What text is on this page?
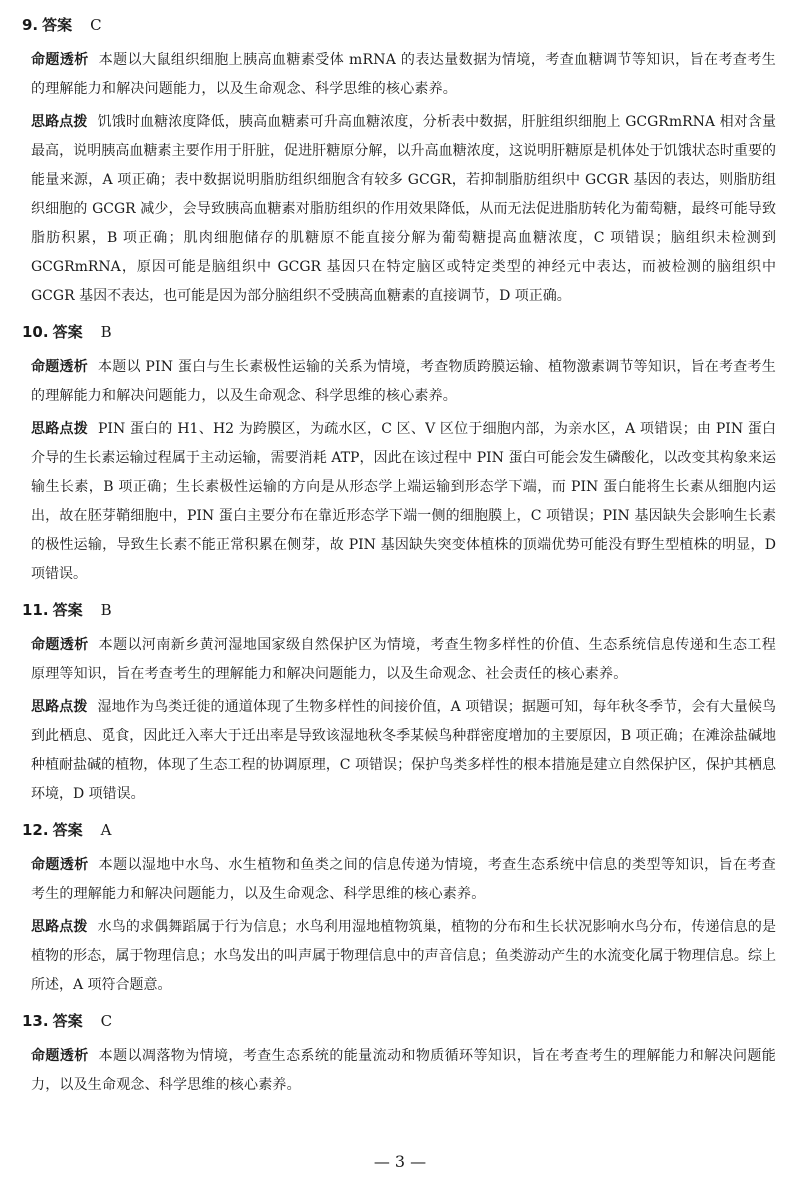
9. 答案 C

命题透析 本题以大鼠组织细胞上胰高血糖素受体 mRNA 的表达量数据为情境，考查血糖调节等知识，旨在考查考生的理解能力和解决问题能力，以及生命观念、科学思维的核心素养。

思路点拨 饥饿时血糖浓度降低，胰高血糖素可升高血糖浓度，分析表中数据，肝脏组织细胞上 GCGRmRNA 相对含量最高，说明胰高血糖素主要作用于肝脏，促进肝糖原分解，以升高血糖浓度，这说明肝糖原是机体处于饥饿状态时重要的能量来源，A 项正确；表中数据说明脂肪组织细胞含有较多 GCGR，若抑制脂肪组织中 GCGR 基因的表达，则脂肪组织细胞的 GCGR 减少，会导致胰高血糖素对脂肪组织的作用效果降低，从而无法促进脂肪转化为葡萄糖，最终可能导致脂肪积累，B 项正确；肌肉细胞储存的肌糖原不能直接分解为葡萄糖提高血糖浓度，C 项错误；脑组织未检测到 GCGRmRNA，原因可能是脑组织中 GCGR 基因只在特定脑区或特定类型的神经元中表达，而被检测的脑组织中 GCGR 基因不表达，也可能是因为部分脑组织不受胰高血糖素的直接调节，D 项正确。

10. 答案 B

命题透析 本题以 PIN 蛋白与生长素极性运输的关系为情境，考查物质跨膜运输、植物激素调节等知识，旨在考查考生的理解能力和解决问题能力，以及生命观念、科学思维的核心素养。

思路点拨 PIN 蛋白的 H1、H2 为跨膜区，为疏水区，C 区、V 区位于细胞内部，为亲水区，A 项错误；由 PIN 蛋白介导的生长素运输过程属于主动运输，需要消耗 ATP，因此在该过程中 PIN 蛋白可能会发生磷酸化，以改变其构象来运输生长素，B 项正确；生长素极性运输的方向是从形态学上端运输到形态学下端，而 PIN 蛋白能将生长素从细胞内运出，故在胚芽鞘细胞中，PIN 蛋白主要分布在靠近形态学下端一侧的细胞膜上，C 项错误；PIN 基因缺失会影响生长素的极性运输，导致生长素不能正常积累在侧芽，故 PIN 基因缺失突变体植株的顶端优势可能没有野生型植株的明显，D 项错误。

11. 答案 B

命题透析 本题以河南新乡黄河湿地国家级自然保护区为情境，考查生物多样性的价值、生态系统信息传递和生态工程原理等知识，旨在考查考生的理解能力和解决问题能力，以及生命观念、社会责任的核心素养。

思路点拨 湿地作为鸟类迁徙的通道体现了生物多样性的间接价值，A 项错误；据题可知，每年秋冬季节，会有大量候鸟到此栖息、觅食，因此迁入率大于迁出率是导致该湿地秋冬季某候鸟种群密度增加的主要原因，B 项正确；在滩涂盐碱地种植耐盐碱的植物，体现了生态工程的协调原理，C 项错误；保护鸟类多样性的根本措施是建立自然保护区，保护其栖息环境，D 项错误。

12. 答案 A

命题透析 本题以湿地中水鸟、水生植物和鱼类之间的信息传递为情境，考查生态系统中信息的类型等知识，旨在考查考生的理解能力和解决问题能力，以及生命观念、科学思维的核心素养。

思路点拨 水鸟的求偶舞蹈属于行为信息；水鸟利用湿地植物筑巢，植物的分布和生长状况影响水鸟分布，传递信息的是植物的形态，属于物理信息；水鸟发出的叫声属于物理信息中的声音信息；鱼类游动产生的水流变化属于物理信息。综上所述，A 项符合题意。

13. 答案 C

命题透析 本题以凋落物为情境，考查生态系统的能量流动和物质循环等知识，旨在考查考生的理解能力和解决问题能力，以及生命观念、科学思维的核心素养。

— 3 —
